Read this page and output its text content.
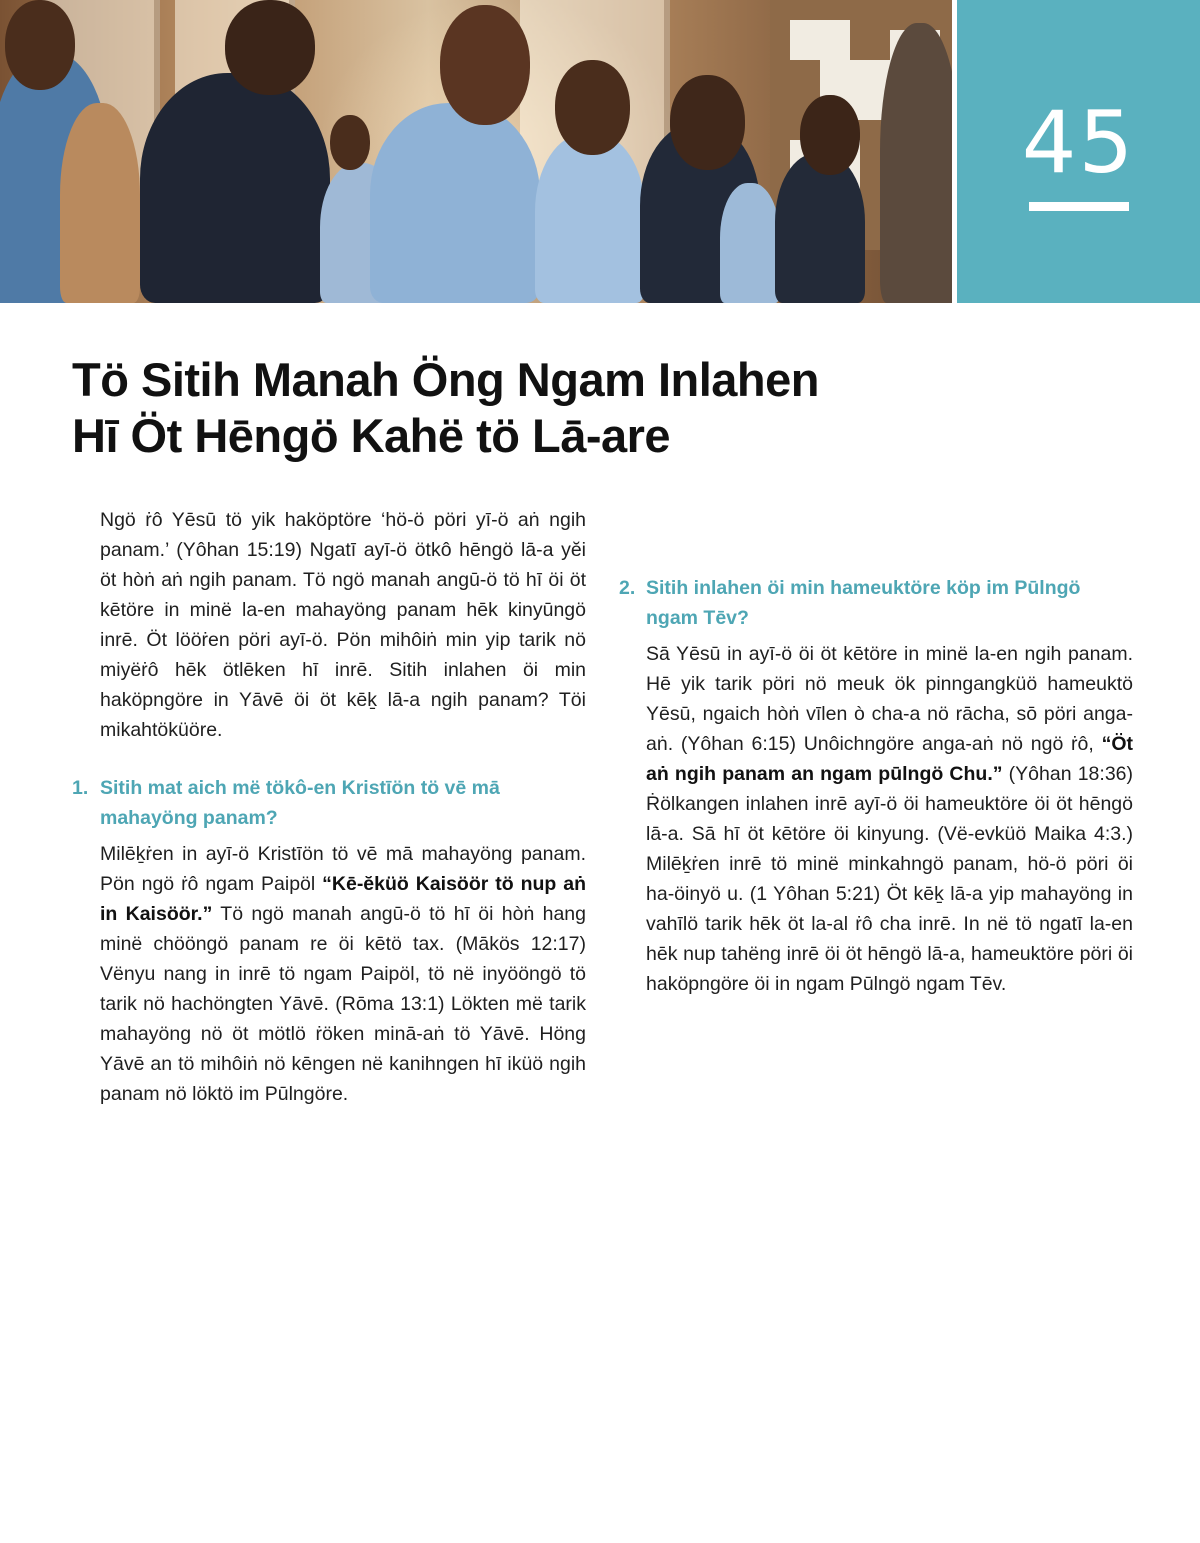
45
Tö Sitih Manah Öng Ngam Inlahen
Hī Öt Hēngö Kahë tö Lā-are

Ngö ṙô Yēsū tö yik haköptöre ‘hö-ö pöri yī-ö aṅ ngih panam.’ (Yôhan 15:19) Ngatī ayī-ö ötkô hēngö lā-a yĕi öt hòṅ aṅ ngih panam. Tö ngö manah angū-ö tö hī öi öt kētöre in minë la-en mahayöng panam hēk kinyūngö inrē. Öt lööṙen pöri ayī-ö. Pön mihôiṅ min yip tarik nö miyëṙô hēk ötlēken hī inrē. Sitih inlahen öi min haköpngöre in Yāvē öi öt kēḵ lā-a ngih panam? Töi mikahtöküöre.

1. Sitih mat aich më tökô-en Kristīön tö vē mā mahayöng panam?

Milēḵṙen in ayī-ö Kristīön tö vē mā mahayöng panam. Pön ngö ṙô ngam Paipöl “Kē-ĕküö Kaisöör tö nup aṅ in Kaisöör.” Tö ngö manah angū-ö tö hī öi hòṅ hang minë chööngö panam re öi kētö tax. (Mākös 12:17) Vënyu nang in inrē tö ngam Paipöl, tö në inyööngö tö tarik nö hachöngten Yāvē. (Rōma 13:1) Lökten më tarik mahayöng nö öt mötlö ṙöken minā-aṅ tö Yāvē. Höng Yāvē an tö mihôiṅ nö kēngen në kanihngen hī iküö ngih panam nö löktö im Pūlngöre.

2. Sitih inlahen öi min hameuktöre köp im Pūlngö ngam Tēv?

Sā Yēsū in ayī-ö öi öt kētöre in minë la-en ngih panam. Hē yik tarik pöri nö meuk ök pinngangküö hameuktö Yēsū, ngaich hòṅ vīlen ò cha-a nö rācha, sō pöri anga-aṅ. (Yôhan 6:15) Unôichngöre anga-aṅ nö ngö ṙô, “Öt aṅ ngih panam an ngam pūlngö Chu.” (Yôhan 18:36) Ṙölkangen inlahen inrē ayī-ö öi hameuktöre öi öt hēngö lā-a. Sā hī öt kētöre öi kinyung. (Vë-evküö Maika 4:3.) Milēḵṙen inrē tö minë minkahngö panam, hö-ö pöri öi ha-öinyö u. (1 Yôhan 5:21) Öt kēḵ lā-a yip mahayöng in vahīlö tarik hēk öt la-al ṙô cha inrē. In në tö ngatī la-en hēk nup tahëng inrē öi öt hēngö lā-a, hameuktöre pöri öi haköpngöre öi in ngam Pūlngö ngam Tēv.
